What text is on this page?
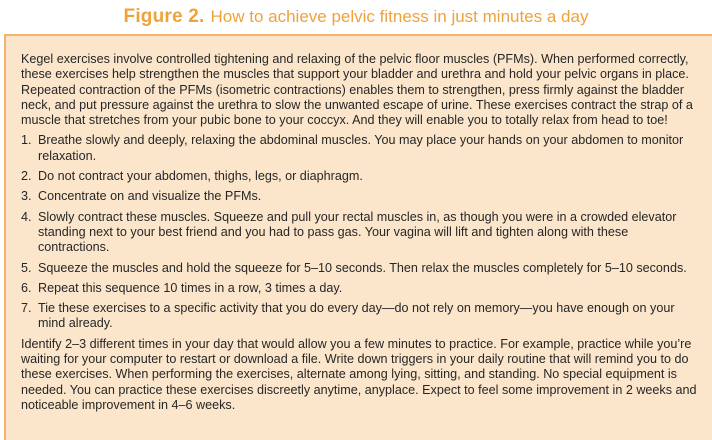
Figure 2. How to achieve pelvic fitness in just minutes a day

Kegel exercises involve controlled tightening and relaxing of the pelvic floor muscles (PFMs). When performed correctly, these exercises help strengthen the muscles that support your bladder and urethra and hold your pelvic organs in place. Repeated contraction of the PFMs (isometric contractions) enables them to strengthen, press firmly against the bladder neck, and put pressure against the urethra to slow the unwanted escape of urine. These exercises contract the strap of a muscle that stretches from your pubic bone to your coccyx. And they will enable you to totally relax from head to toe!

1. Breathe slowly and deeply, relaxing the abdominal muscles. You may place your hands on your abdomen to monitor relaxation.
2. Do not contract your abdomen, thighs, legs, or diaphragm.
3. Concentrate on and visualize the PFMs.
4. Slowly contract these muscles. Squeeze and pull your rectal muscles in, as though you were in a crowded elevator standing next to your best friend and you had to pass gas. Your vagina will lift and tighten along with these contractions.
5. Squeeze the muscles and hold the squeeze for 5–10 seconds. Then relax the muscles completely for 5–10 seconds.
6. Repeat this sequence 10 times in a row, 3 times a day.
7. Tie these exercises to a specific activity that you do every day—do not rely on memory—you have enough on your mind already.

Identify 2–3 different times in your day that would allow you a few minutes to practice. For example, practice while you’re waiting for your computer to restart or download a file. Write down triggers in your daily routine that will remind you to do these exercises. When performing the exercises, alternate among lying, sitting, and standing. No special equipment is needed. You can practice these exercises discreetly anytime, anyplace. Expect to feel some improvement in 2 weeks and noticeable improvement in 4–6 weeks.
